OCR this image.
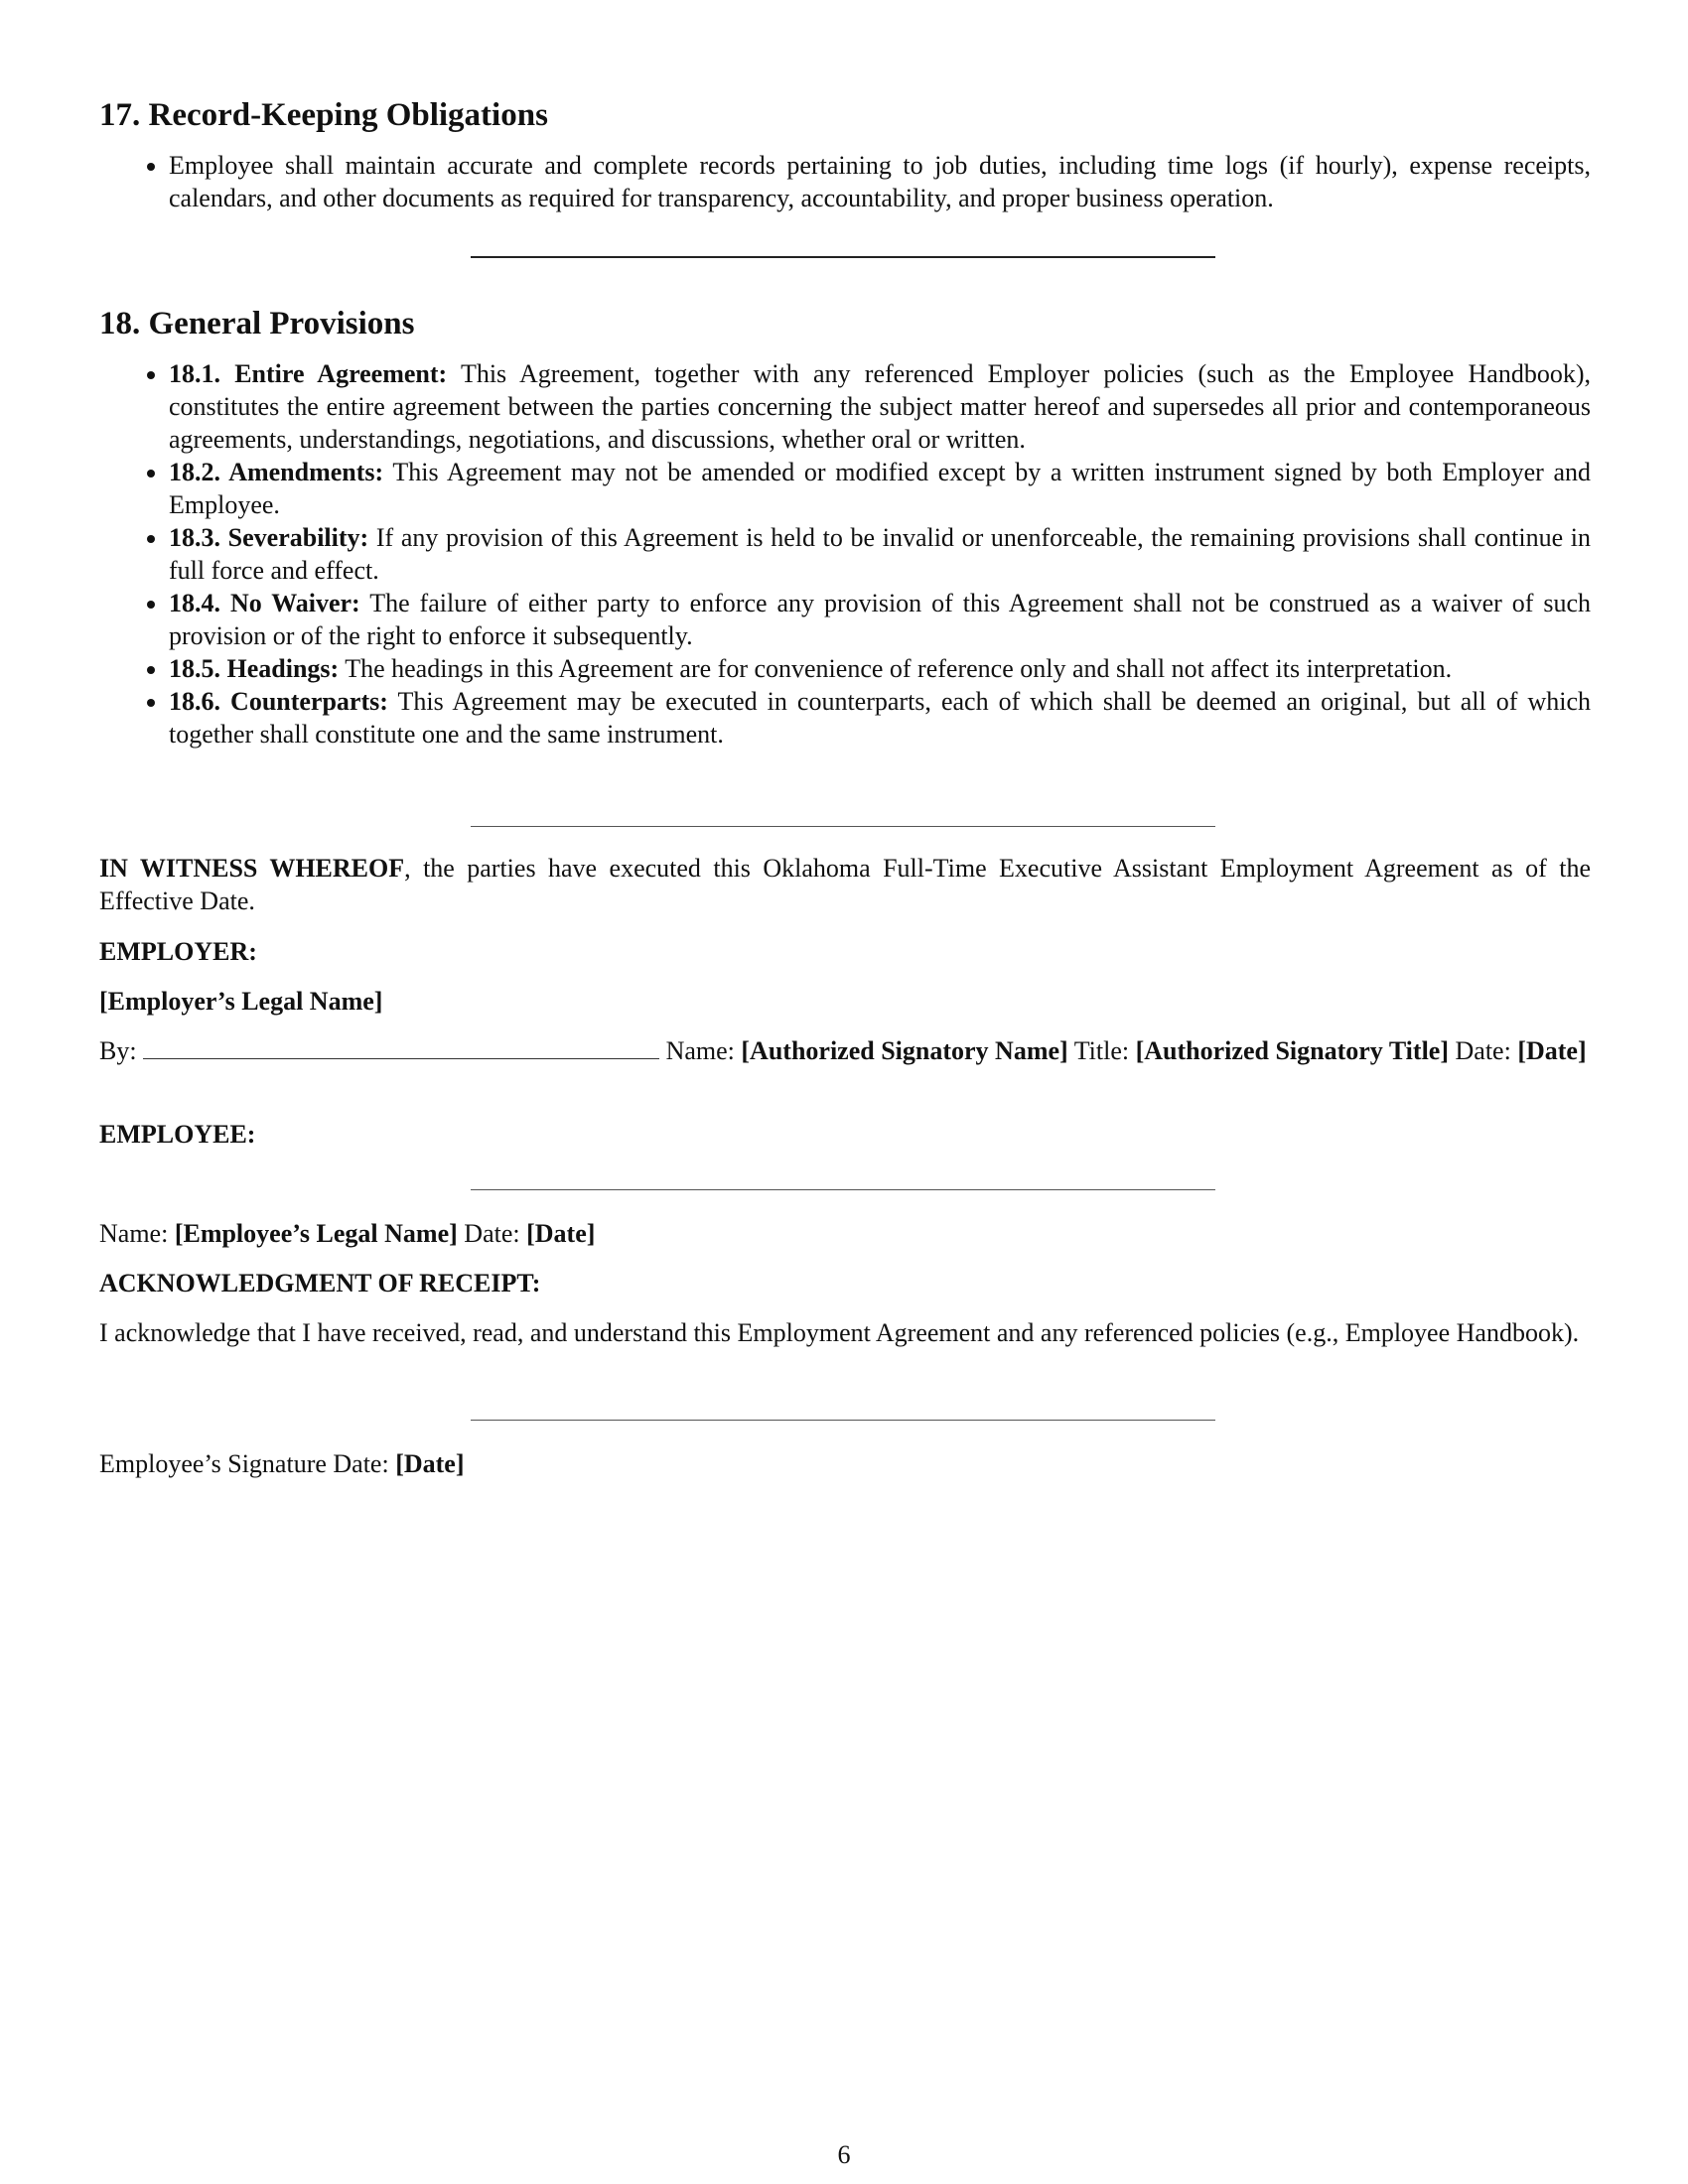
17. Record-Keeping Obligations
• Employee shall maintain accurate and complete records pertaining to job duties, including time logs (if hourly), expense receipts, calendars, and other documents as required for transparency, accountability, and proper business operation.
18. General Provisions
• 18.1. Entire Agreement: This Agreement, together with any referenced Employer policies (such as the Employee Handbook), constitutes the entire agreement between the parties concerning the subject matter hereof and supersedes all prior and contemporaneous agreements, understandings, negotiations, and discussions, whether oral or written.
• 18.2. Amendments: This Agreement may not be amended or modified except by a written instrument signed by both Employer and Employee.
• 18.3. Severability: If any provision of this Agreement is held to be invalid or unenforceable, the remaining provisions shall continue in full force and effect.
• 18.4. No Waiver: The failure of either party to enforce any provision of this Agreement shall not be construed as a waiver of such provision or of the right to enforce it subsequently.
• 18.5. Headings: The headings in this Agreement are for convenience of reference only and shall not affect its interpretation.
• 18.6. Counterparts: This Agreement may be executed in counterparts, each of which shall be deemed an original, but all of which together shall constitute one and the same instrument.

IN WITNESS WHEREOF, the parties have executed this Oklahoma Full-Time Executive Assistant Employment Agreement as of the Effective Date.

EMPLOYER:

[Employer’s Legal Name]

By:	Name: [Authorized Signatory Name] Title: [Authorized Signatory Title] Date: [Date]

EMPLOYEE:

Name: [Employee’s Legal Name] Date: [Date]

ACKNOWLEDGMENT OF RECEIPT:

I acknowledge that I have received, read, and understand this Employment Agreement and any referenced policies (e.g., Employee Handbook).

Employee’s Signature Date: [Date]

6
